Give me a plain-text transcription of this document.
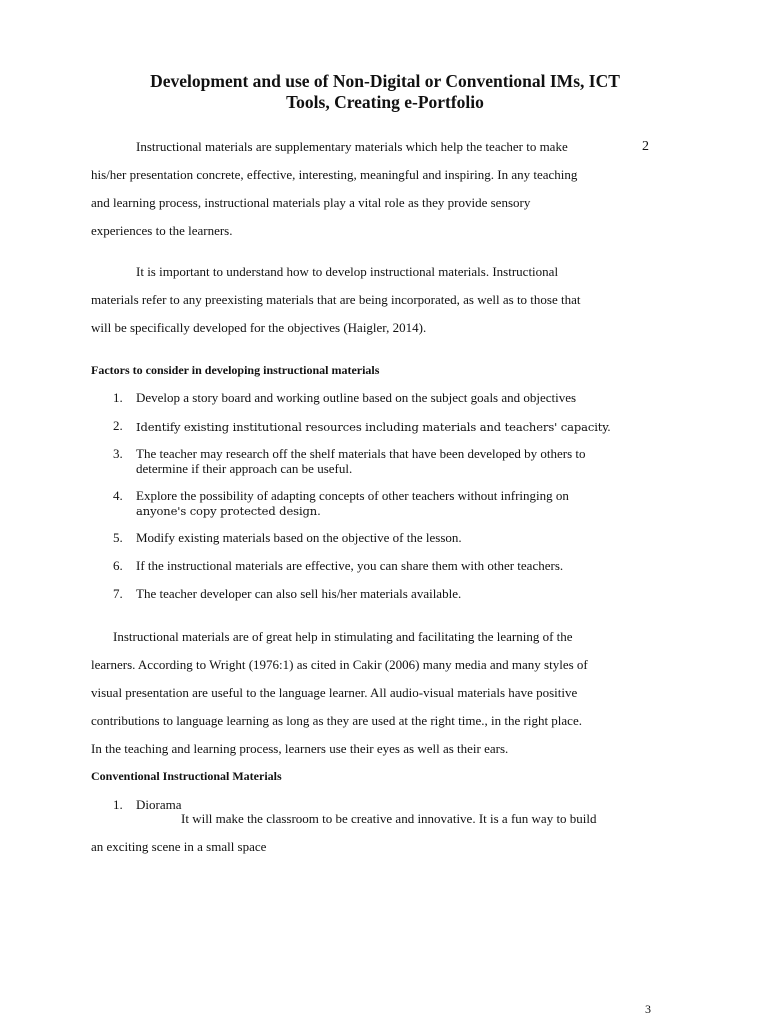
Development and use of Non-Digital or Conventional IMs, ICT
Tools, Creating e-Portfolio
Instructional materials are supplementary materials which help the teacher to make	2
his/her presentation concrete, effective, interesting, meaningful and inspiring. In any teaching
and learning process, instructional materials play a vital role as they provide sensory
experiences to the learners.
It is important to understand how to develop instructional materials. Instructional
materials refer to any preexisting materials that are being incorporated, as well as to those that
will be specifically developed for the objectives (Haigler, 2014).
Factors to consider in developing instructional materials
1. Develop a story board and working outline based on the subject goals and objectives
2. Identify existing institutional resources including materials and teachers' capacity.
3. The teacher may research off the shelf materials that have been developed by others to
determine if their approach can be useful.
4. Explore the possibility of adapting concepts of other teachers without infringing on
anyone's copy protected design.
5. Modify existing materials based on the objective of the lesson.
6. If the instructional materials are effective, you can share them with other teachers.
7. The teacher developer can also sell his/her materials available.
Instructional materials are of great help in stimulating and facilitating the learning of the
learners. According to Wright (1976:1) as cited in Cakir (2006) many media and many styles of
visual presentation are useful to the language learner. All audio-visual materials have positive
contributions to language learning as long as they are used at the right time., in the right place.
In the teaching and learning process, learners use their eyes as well as their ears.
Conventional Instructional Materials
1. Diorama
It will make the classroom to be creative and innovative. It is a fun way to build
an exciting scene in a small space
3
